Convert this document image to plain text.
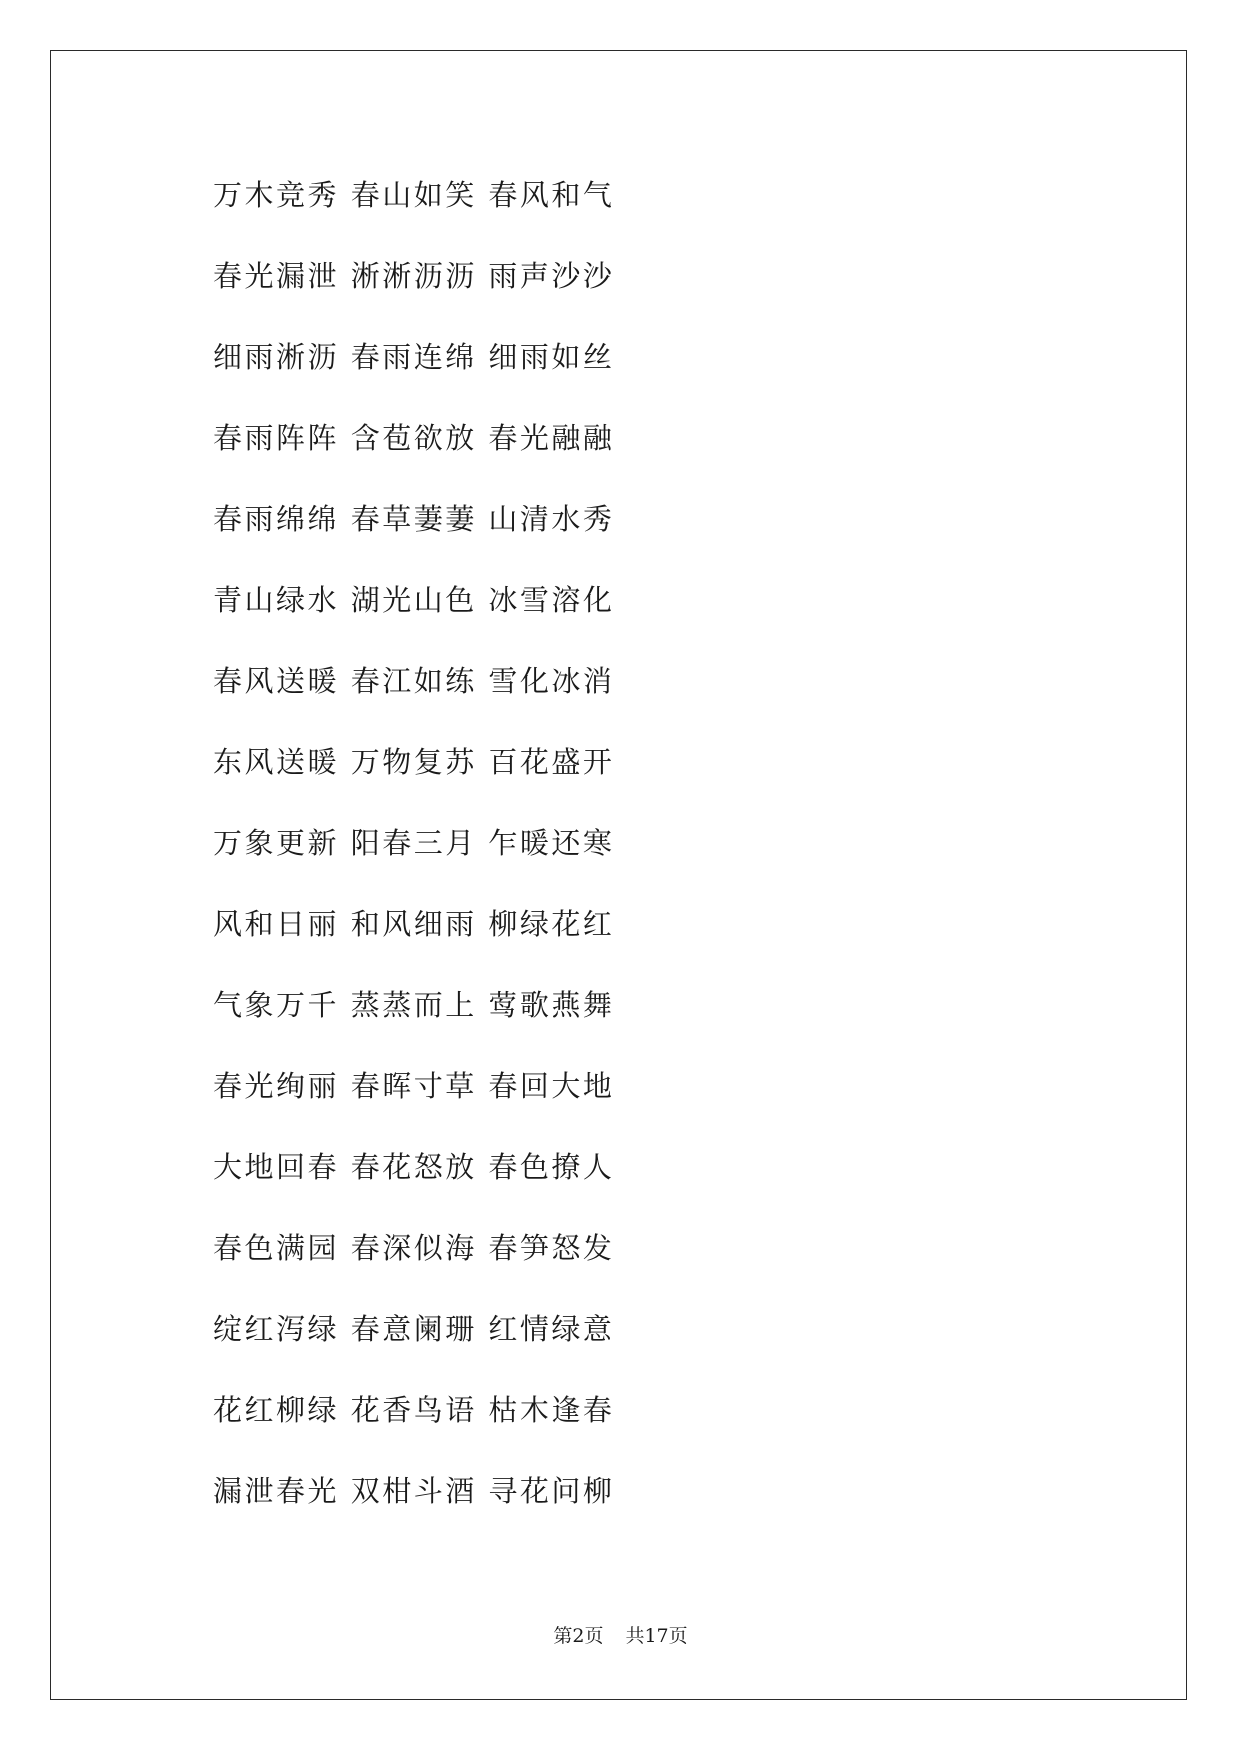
万木竞秀 春山如笑 春风和气
春光漏泄 淅淅沥沥 雨声沙沙
细雨淅沥 春雨连绵 细雨如丝
春雨阵阵 含苞欲放 春光融融
春雨绵绵 春草萋萋 山清水秀
青山绿水 湖光山色 冰雪溶化
春风送暖 春江如练 雪化冰消
东风送暖 万物复苏 百花盛开
万象更新 阳春三月 乍暖还寒
风和日丽 和风细雨 柳绿花红
气象万千 蒸蒸而上 莺歌燕舞
春光绚丽 春晖寸草 春回大地
大地回春 春花怒放 春色撩人
春色满园 春深似海 春笋怒发
绽红泻绿 春意阑珊 红情绿意
花红柳绿 花香鸟语 枯木逢春
漏泄春光 双柑斗酒 寻花问柳
第2页 共17页
